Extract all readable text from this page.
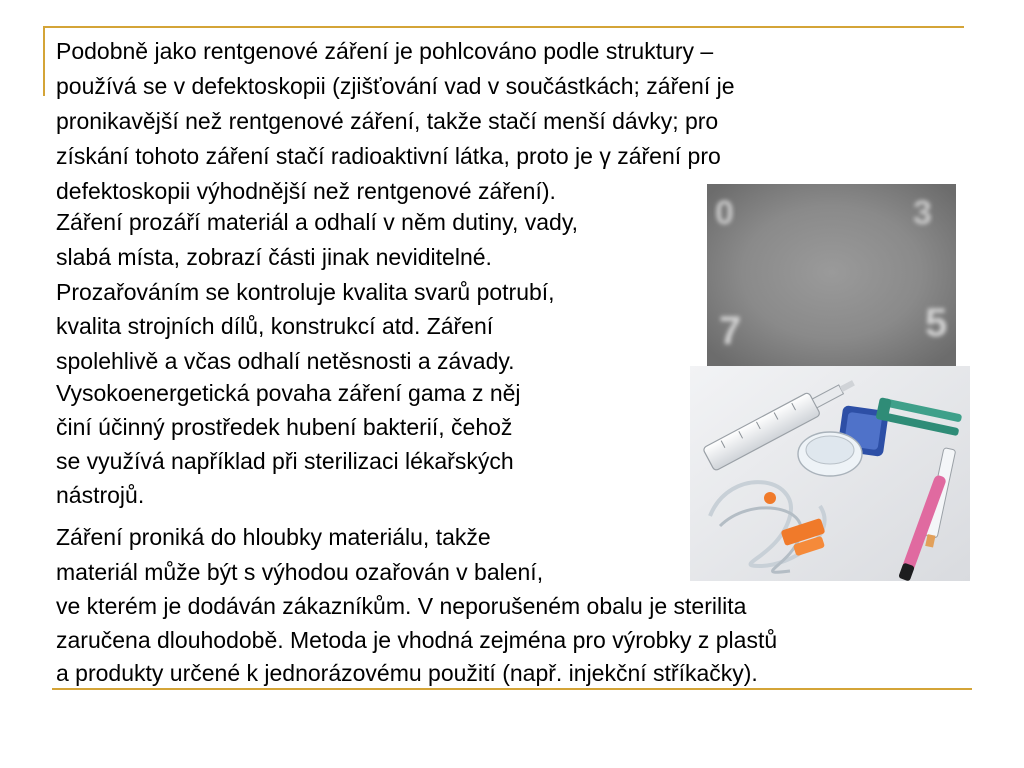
Podobně jako rentgenové záření je pohlcováno podle struktury –
používá se v defektoskopii (zjišťování vad v součástkách; záření je
pronikavější než rentgenové záření, takže stačí menší dávky; pro
získání tohoto záření stačí radioaktivní látka, proto je γ záření pro
defektoskopii výhodnější než rentgenové záření).
Záření prozáří materiál a odhalí v něm dutiny, vady,
slabá místa, zobrazí části jinak neviditelné.
Prozařováním se kontroluje kvalita svarů potrubí,
kvalita strojních dílů, konstrukcí atd. Záření
spolehlivě a včas odhalí netěsnosti a závady.
Vysokoenergetická povaha záření gama z něj
činí účinný prostředek hubení bakterií, čehož
se využívá například při sterilizaci lékařských
nástrojů.
Záření proniká do hloubky materiálu, takže
materiál může být s výhodou ozařován v balení,
ve kterém je dodáván zákazníkům. V neporušeném obalu je sterilita
zaručena dlouhodobě. Metoda je vhodná zejména pro výrobky z plastů
a produkty určené k jednorázovému použití (např. injekční stříkačky).
0	3
7	5
